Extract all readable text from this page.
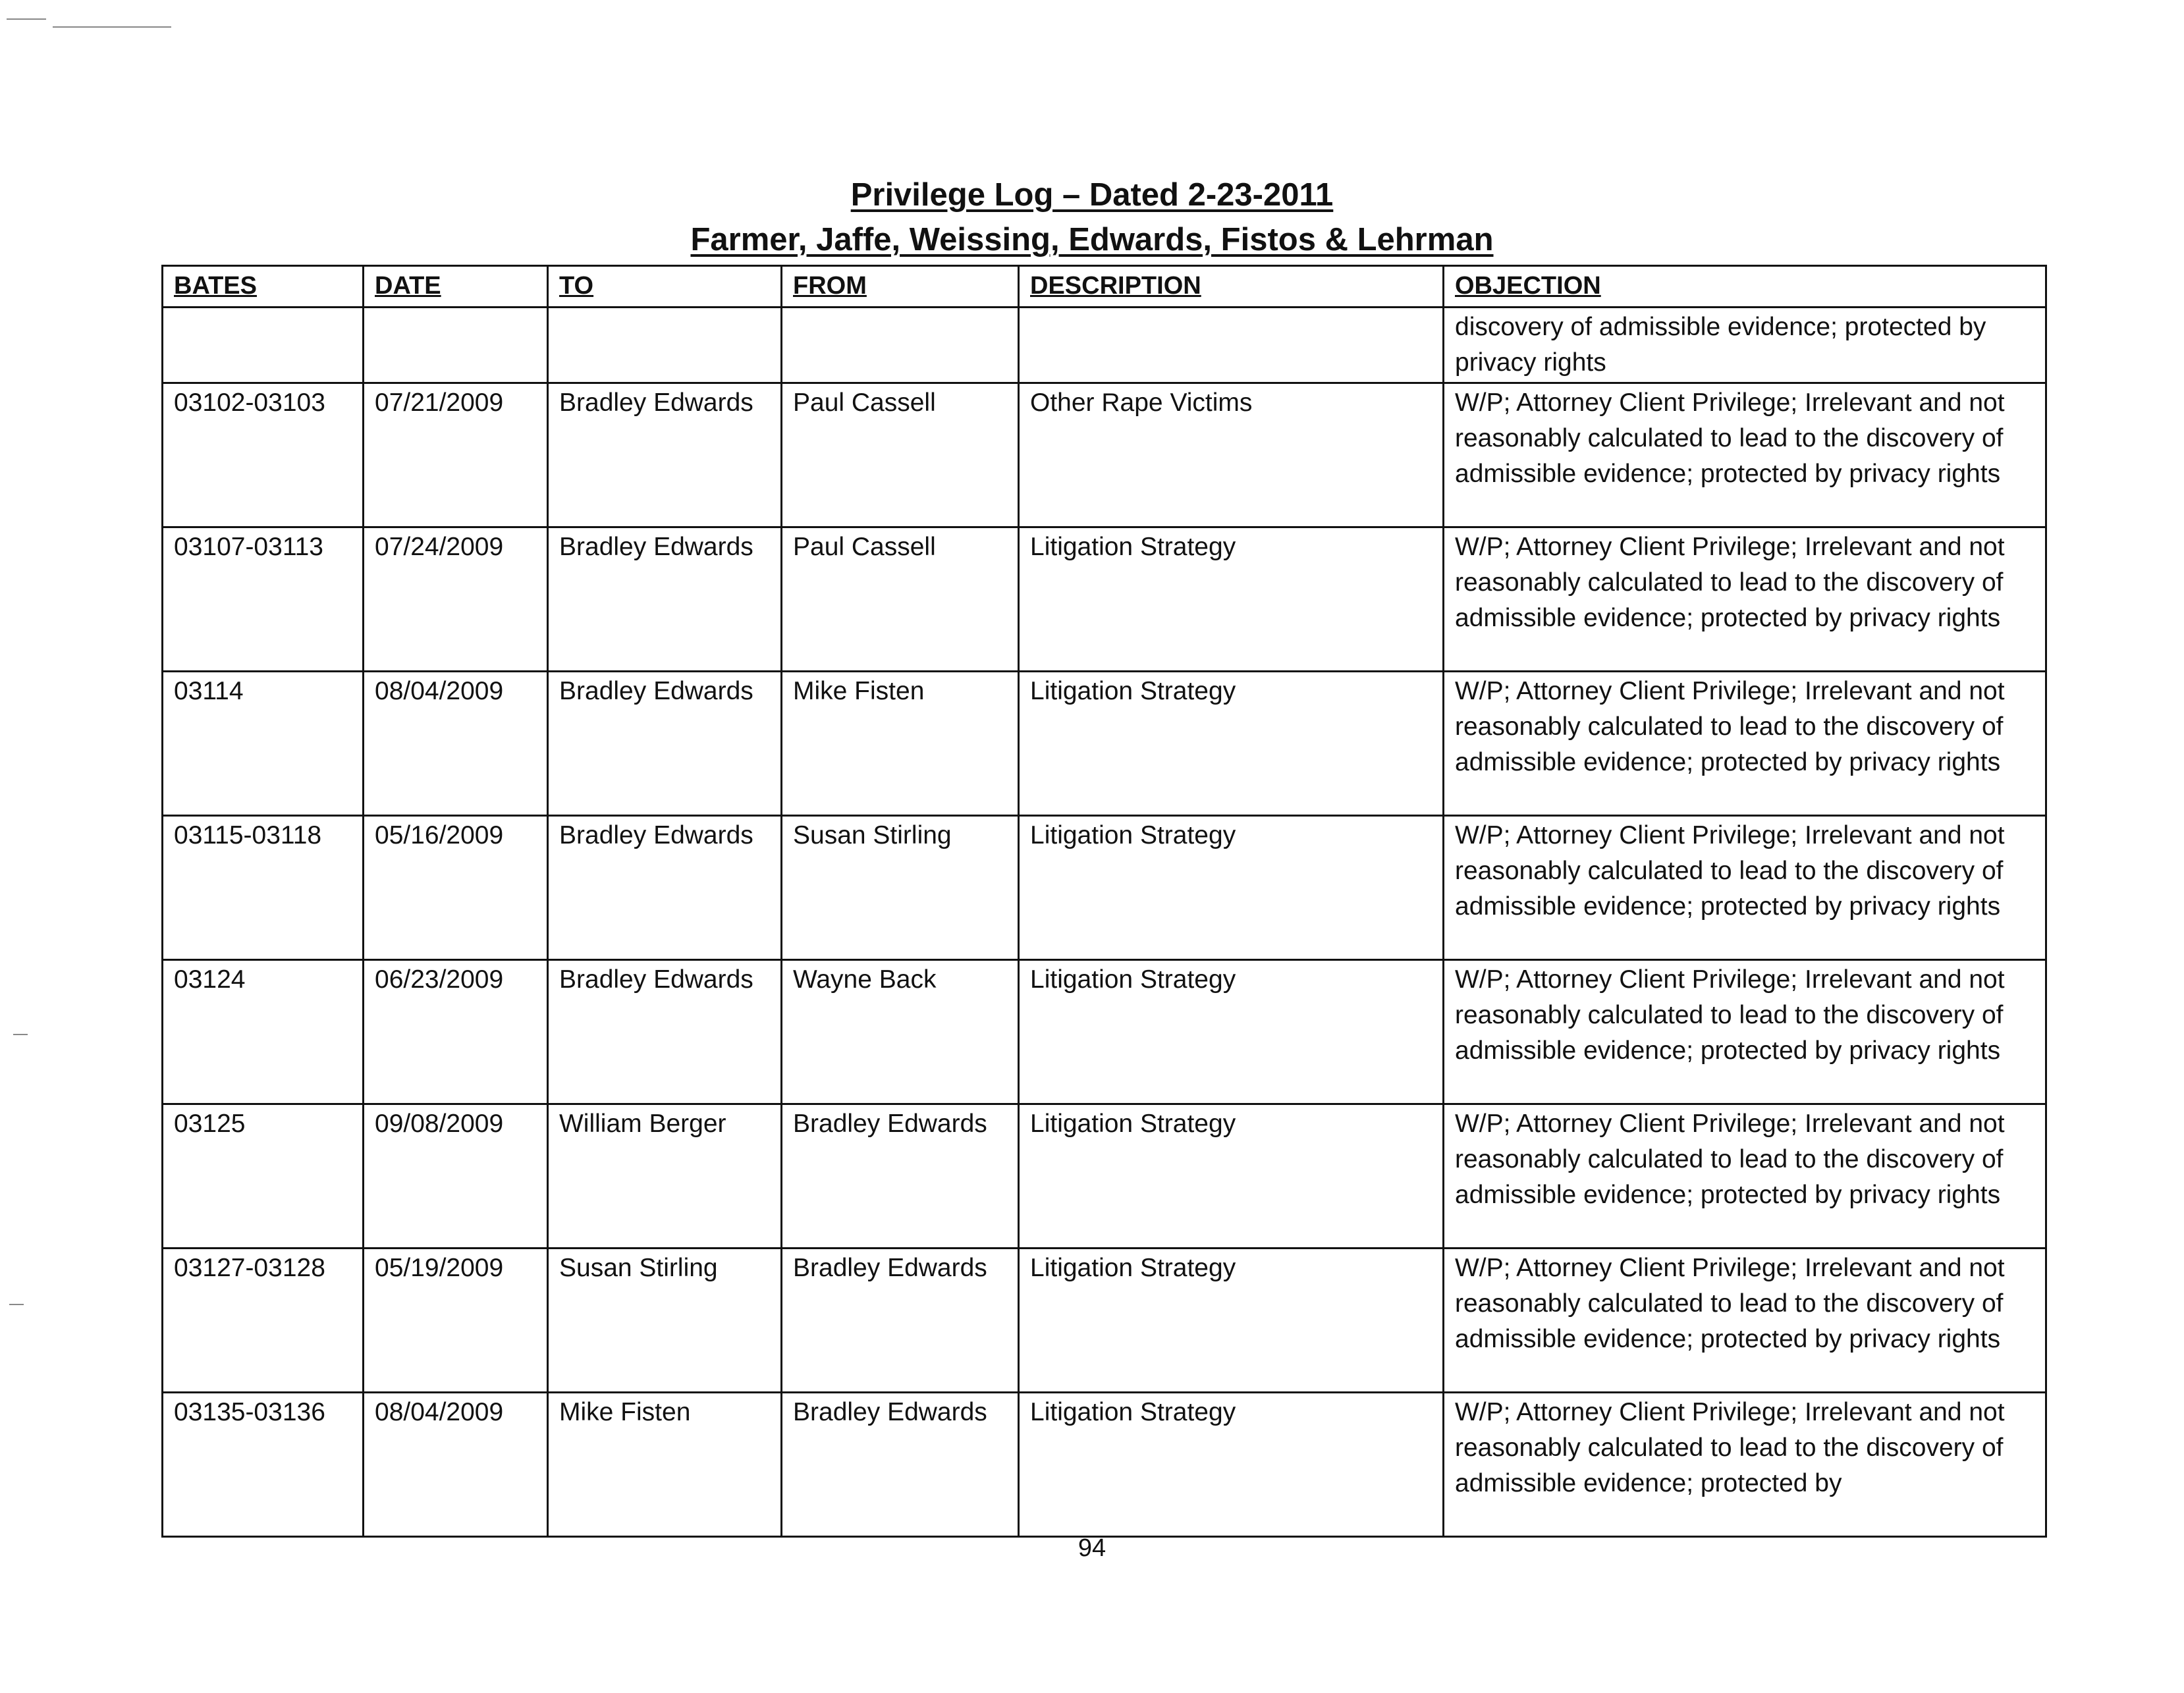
Privilege Log – Dated 2-23-2011
Farmer, Jaffe, Weissing, Edwards, Fistos & Lehrman
BATES	DATE	TO	FROM	DESCRIPTION	OBJECTION
					discovery of admissible evidence; protected by privacy rights
03102-03103	07/21/2009	Bradley Edwards	Paul Cassell	Other Rape Victims	W/P; Attorney Client Privilege; Irrelevant and not reasonably calculated to lead to the discovery of admissible evidence; protected by privacy rights
03107-03113	07/24/2009	Bradley Edwards	Paul Cassell	Litigation Strategy	W/P; Attorney Client Privilege; Irrelevant and not reasonably calculated to lead to the discovery of admissible evidence; protected by privacy rights
03114	08/04/2009	Bradley Edwards	Mike Fisten	Litigation Strategy	W/P; Attorney Client Privilege; Irrelevant and not reasonably calculated to lead to the discovery of admissible evidence; protected by privacy rights
03115-03118	05/16/2009	Bradley Edwards	Susan Stirling	Litigation Strategy	W/P; Attorney Client Privilege; Irrelevant and not reasonably calculated to lead to the discovery of admissible evidence; protected by privacy rights
03124	06/23/2009	Bradley Edwards	Wayne Back	Litigation Strategy	W/P; Attorney Client Privilege; Irrelevant and not reasonably calculated to lead to the discovery of admissible evidence; protected by privacy rights
03125	09/08/2009	William Berger	Bradley Edwards	Litigation Strategy	W/P; Attorney Client Privilege; Irrelevant and not reasonably calculated to lead to the discovery of admissible evidence; protected by privacy rights
03127-03128	05/19/2009	Susan Stirling	Bradley Edwards	Litigation Strategy	W/P; Attorney Client Privilege; Irrelevant and not reasonably calculated to lead to the discovery of admissible evidence; protected by privacy rights
03135-03136	08/04/2009	Mike Fisten	Bradley Edwards	Litigation Strategy	W/P; Attorney Client Privilege; Irrelevant and not reasonably calculated to lead to the discovery of admissible evidence; protected by
94
